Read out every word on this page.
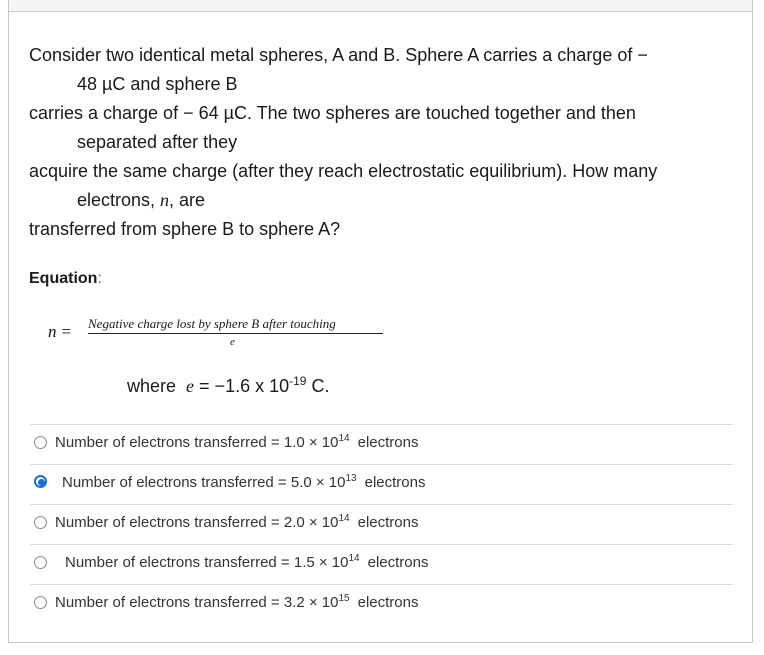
Consider two identical metal spheres, A and B. Sphere A carries a charge of −
48 µC and sphere B
carries a charge of − 64 µC. The two spheres are touched together and then
separated after they
acquire the same charge (after they reach electrostatic equilibrium). How many
electrons, n, are
transferred from sphere B to sphere A?
Equation:
n = Negative charge lost by sphere B after touching
e
where e = −1.6 x $10^{-19}$ C.
Number of electrons transferred = $1.0 \times 10^{14}$ electrons
Number of electrons transferred = $5.0 \times 10^{13}$ electrons
Number of electrons transferred = $2.0 \times 10^{14}$ electrons
Number of electrons transferred = $1.5 \times 10^{14}$ electrons
Number of electrons transferred = $3.2 \times 10^{15}$ electrons
